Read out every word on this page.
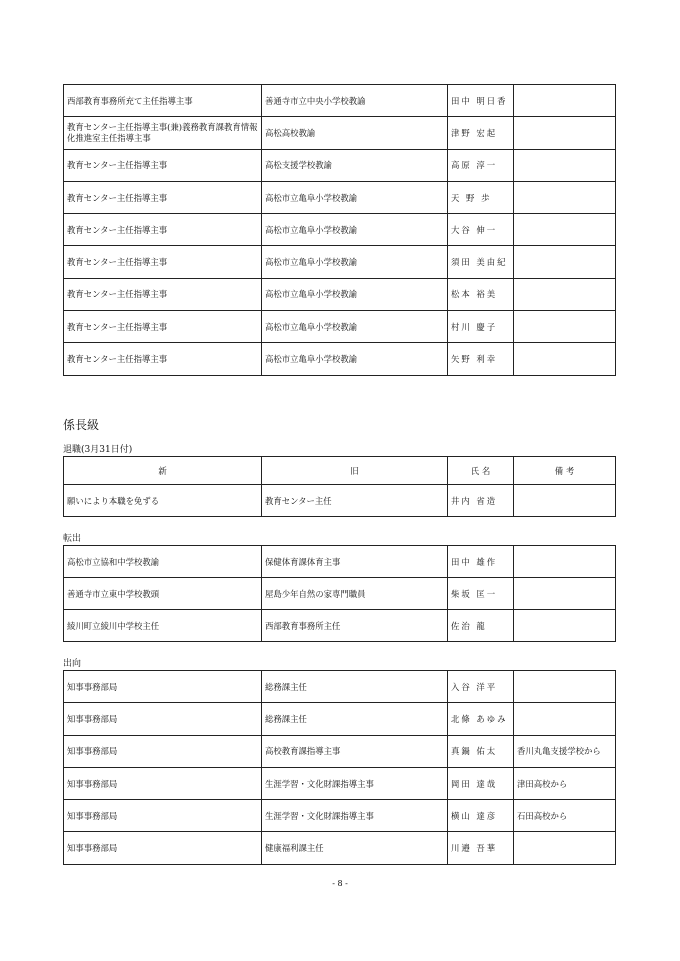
西部教育事務所充て主任指導主事	善通寺市立中央小学校教諭	田中 明日香	
教育センター主任指導主事(兼)義務教育課教育情報化推進室主任指導主事	高松高校教諭	津野 宏起	
教育センター主任指導主事	高松支援学校教諭	高原 淳一	
教育センター主任指導主事	高松市立亀阜小学校教諭	天 野 歩	
教育センター主任指導主事	高松市立亀阜小学校教諭	大谷 伸一	
教育センター主任指導主事	高松市立亀阜小学校教諭	須田 美由紀	
教育センター主任指導主事	高松市立亀阜小学校教諭	松本 裕美	
教育センター主任指導主事	高松市立亀阜小学校教諭	村川 慶子	
教育センター主任指導主事	高松市立亀阜小学校教諭	矢野 利幸	
係長級
退職(3月31日付)
新	旧	氏 名	備 考
願いにより本職を免ずる	教育センター主任	井内 省造	
転出
高松市立協和中学校教諭	保健体育課体育主事	田中 雄作	
善通寺市立東中学校教頭	屋島少年自然の家専門職員	柴坂 匡一	
綾川町立綾川中学校主任	西部教育事務所主任	佐治 龍	
出向
知事事務部局	総務課主任	入谷 洋平	
知事事務部局	総務課主任	北條 あゆみ	
知事事務部局	高校教育課指導主事	真鍋 佑太	香川丸亀支援学校から
知事事務部局	生涯学習・文化財課指導主事	岡田 達哉	津田高校から
知事事務部局	生涯学習・文化財課指導主事	横山 達彦	石田高校から
知事事務部局	健康福利課主任	川邉 吾華	
- 8 -
